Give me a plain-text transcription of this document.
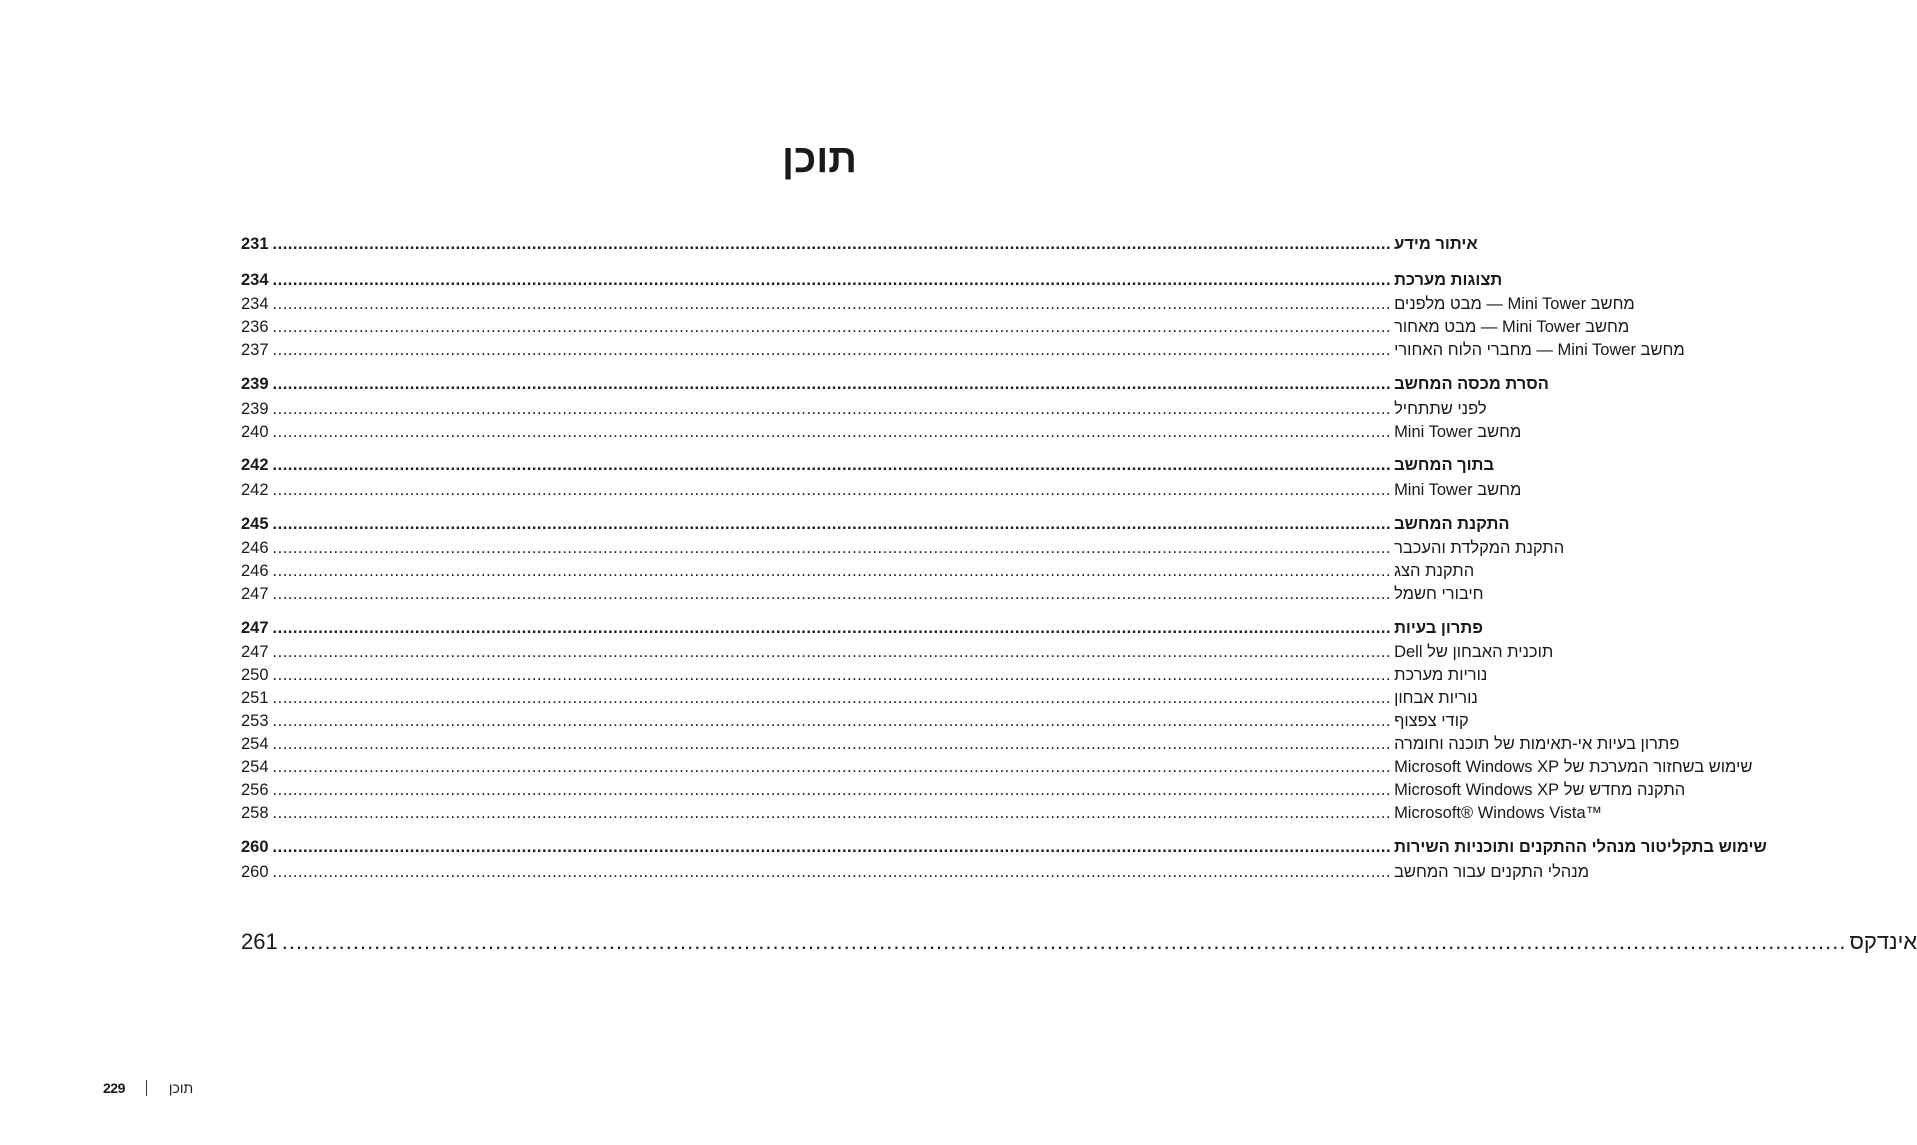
תוכן
231 ............................................................................................................................................................................................................................ איתור מידע
234 ............................................................................................................................................................................................................................ תצוגות מערכת
234 ............................................................................................................................................................................................................................ מחשב Mini Tower — מבט מלפנים
236 ............................................................................................................................................................................................................................ מחשב Mini Tower — מבט מאחור
237 ............................................................................................................................................................................................................................ מחשב Mini Tower — מחברי הלוח האחורי
239 ............................................................................................................................................................................................................................ הסרת מכסה המחשב
239 ............................................................................................................................................................................................................................ לפני שתתחיל
240 ............................................................................................................................................................................................................................ מחשב Mini Tower
242 ............................................................................................................................................................................................................................ בתוך המחשב
242 ............................................................................................................................................................................................................................ מחשב Mini Tower
245 ............................................................................................................................................................................................................................ התקנת המחשב
246 ............................................................................................................................................................................................................................ התקנת המקלדת והעכבר
246 ............................................................................................................................................................................................................................ התקנת הצג
247 ............................................................................................................................................................................................................................ חיבורי חשמל
247 ............................................................................................................................................................................................................................ פתרון בעיות
247 ............................................................................................................................................................................................................................ תוכנית האבחון של Dell
250 ............................................................................................................................................................................................................................ נוריות מערכת
251 ............................................................................................................................................................................................................................ נוריות אבחון
253 ............................................................................................................................................................................................................................ קודי צפצוף
254 ............................................................................................................................................................................................................................ פתרון בעיות אי-תאימות של תוכנה וחומרה
254 ............................................................................................................................................................................................................................ שימוש בשחזור המערכת של Microsoft Windows XP
256 ............................................................................................................................................................................................................................ התקנה מחדש של Microsoft Windows XP
258 ............................................................................................................................................................................................................................ Microsoft® Windows Vista™
260 ............................................................................................................................................................................................................................ שימוש בתקליטור מנהלי ההתקנים ותוכניות השירות
260 ............................................................................................................................................................................................................................ מנהלי התקנים עבור המחשב
261 ............................................................................................................................................................................................................................ אינדקס
229	תוכן
